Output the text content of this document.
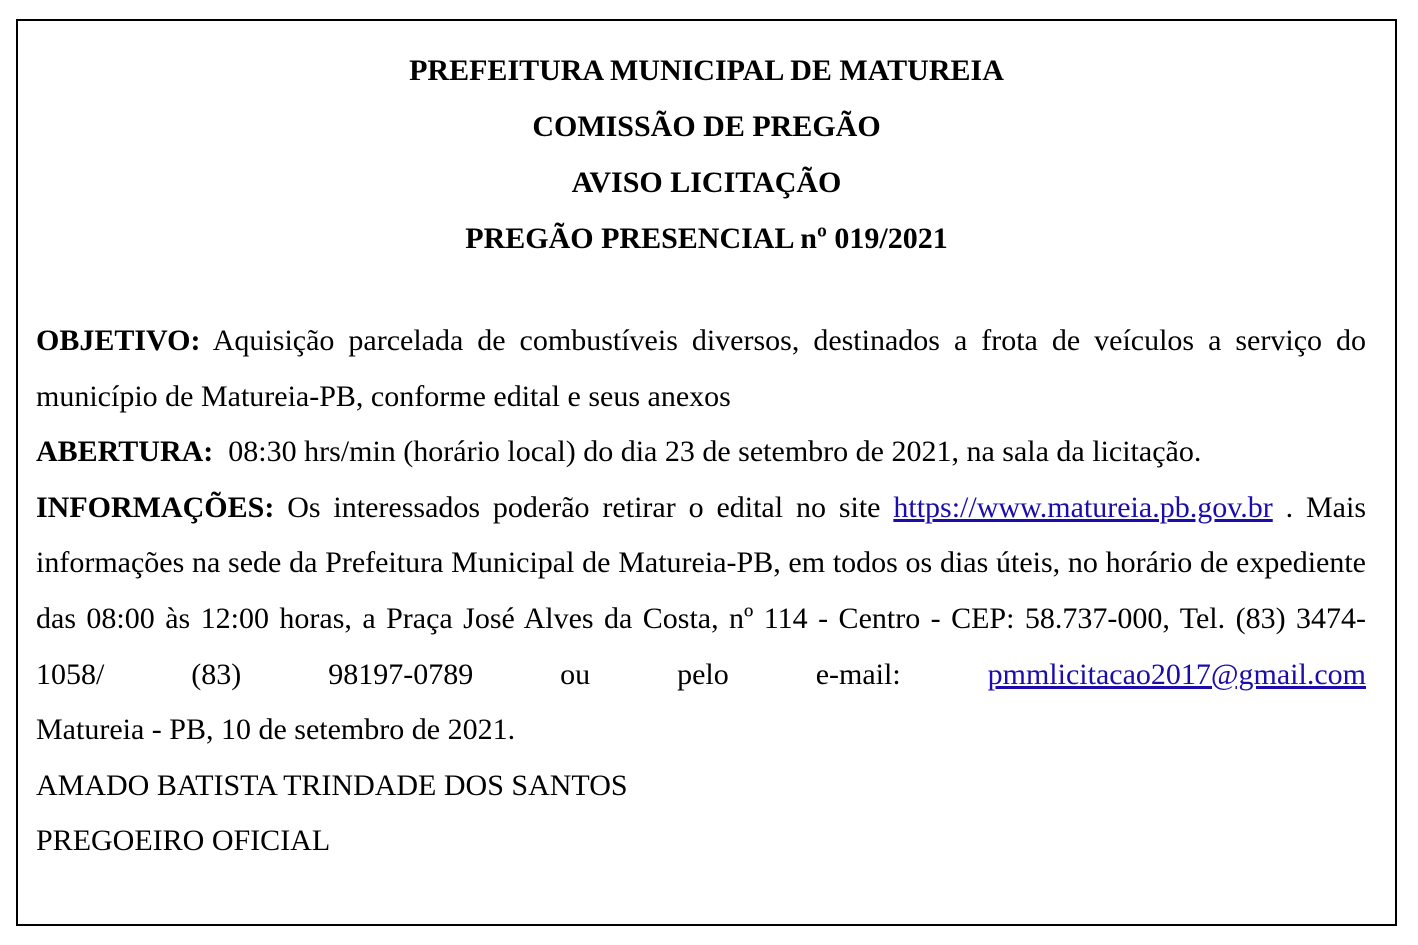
PREFEITURA MUNICIPAL DE MATUREIA
COMISSÃO DE PREGÃO
AVISO LICITAÇÃO
PREGÃO PRESENCIAL nº 019/2021

OBJETIVO: Aquisição parcelada de combustíveis diversos, destinados a frota de veículos a serviço do município de Matureia-PB, conforme edital e seus anexos

ABERTURA: 08:30 hrs/min (horário local) do dia 23 de setembro de 2021, na sala da licitação.

INFORMAÇÕES: Os interessados poderão retirar o edital no site https://www.matureia.pb.gov.br . Mais informações na sede da Prefeitura Municipal de Matureia-PB, em todos os dias úteis, no horário de expediente das 08:00 às 12:00 horas, a Praça José Alves da Costa, nº 114 - Centro - CEP: 58.737-000, Tel. (83) 3474-1058/ (83) 98197-0789 ou pelo e-mail:	pmmlicitacao2017@gmail.com

Matureia - PB, 10 de setembro de 2021.
AMADO BATISTA TRINDADE DOS SANTOS
PREGOEIRO OFICIAL
